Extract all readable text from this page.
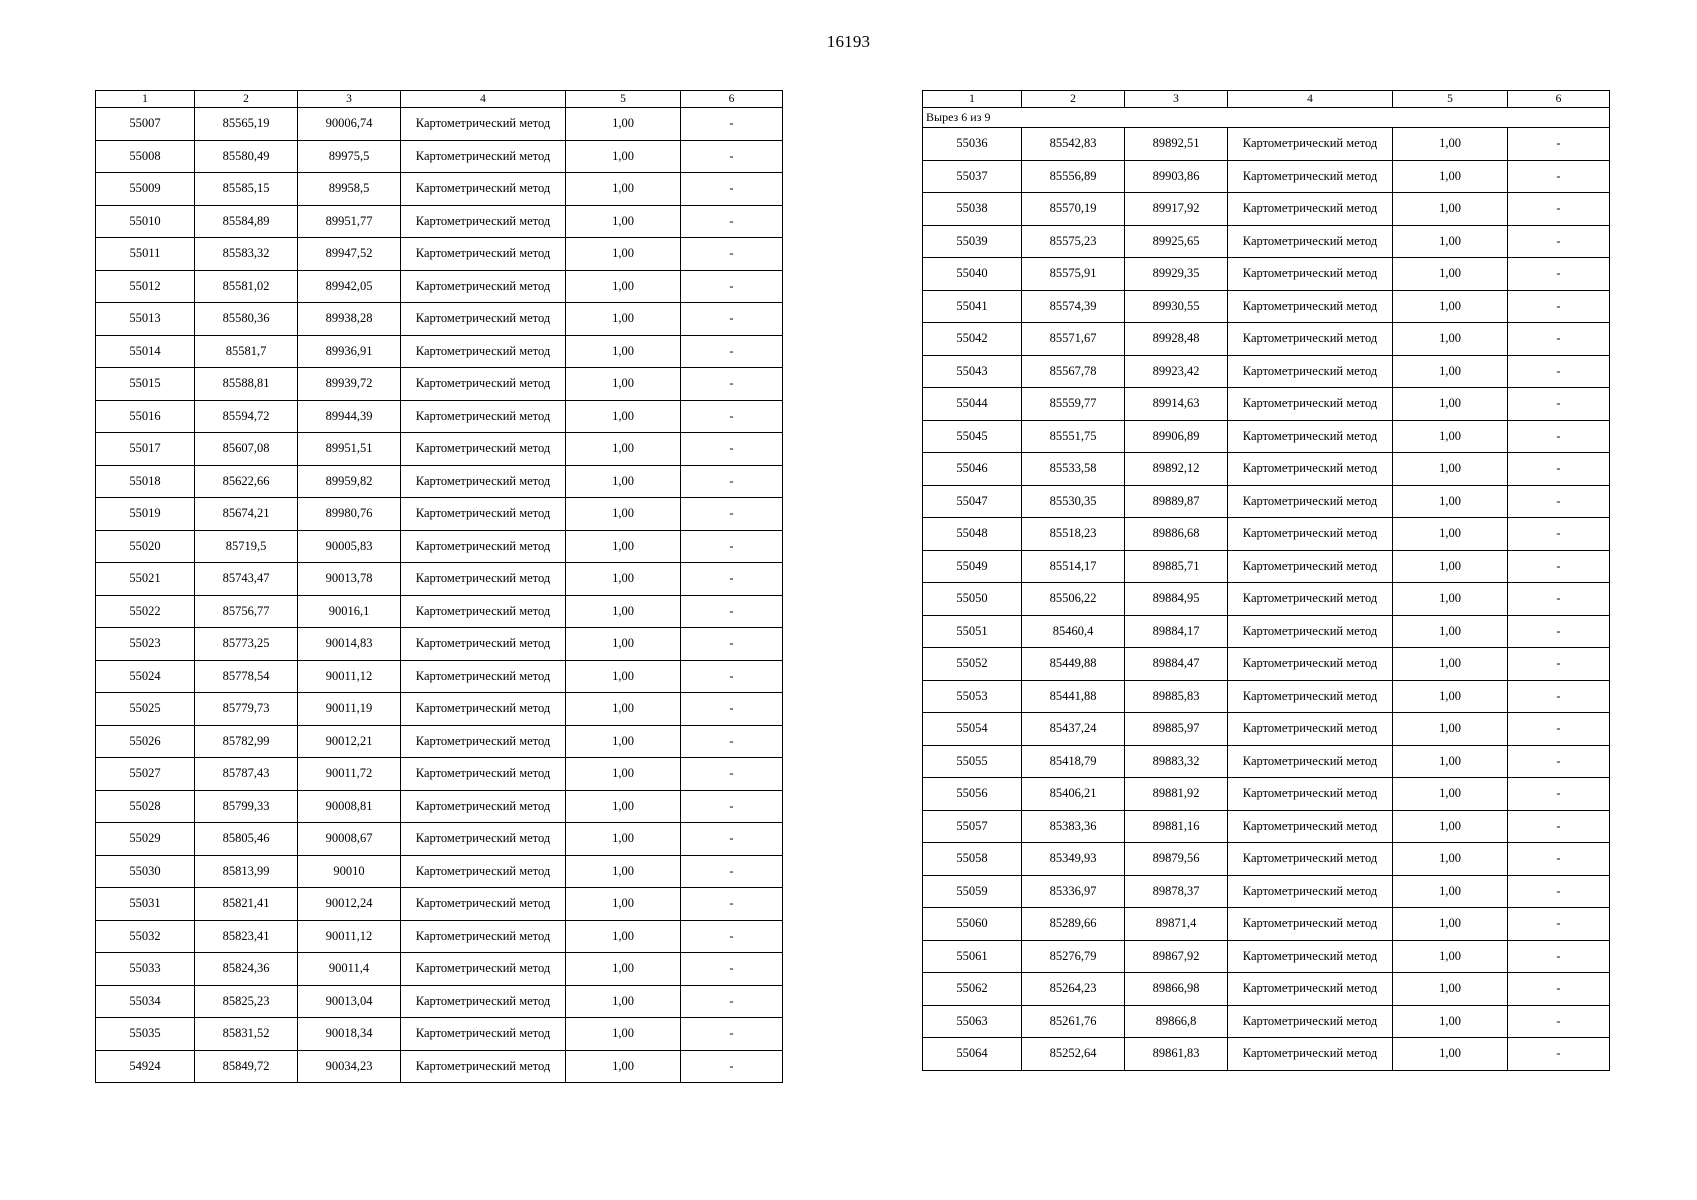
16193
1	2	3	4	5	6
55007	85565,19	90006,74	Картометрический метод	1,00	-
55008	85580,49	89975,5	Картометрический метод	1,00	-
55009	85585,15	89958,5	Картометрический метод	1,00	-
55010	85584,89	89951,77	Картометрический метод	1,00	-
55011	85583,32	89947,52	Картометрический метод	1,00	-
55012	85581,02	89942,05	Картометрический метод	1,00	-
55013	85580,36	89938,28	Картометрический метод	1,00	-
55014	85581,7	89936,91	Картометрический метод	1,00	-
55015	85588,81	89939,72	Картометрический метод	1,00	-
55016	85594,72	89944,39	Картометрический метод	1,00	-
55017	85607,08	89951,51	Картометрический метод	1,00	-
55018	85622,66	89959,82	Картометрический метод	1,00	-
55019	85674,21	89980,76	Картометрический метод	1,00	-
55020	85719,5	90005,83	Картометрический метод	1,00	-
55021	85743,47	90013,78	Картометрический метод	1,00	-
55022	85756,77	90016,1	Картометрический метод	1,00	-
55023	85773,25	90014,83	Картометрический метод	1,00	-
55024	85778,54	90011,12	Картометрический метод	1,00	-
55025	85779,73	90011,19	Картометрический метод	1,00	-
55026	85782,99	90012,21	Картометрический метод	1,00	-
55027	85787,43	90011,72	Картометрический метод	1,00	-
55028	85799,33	90008,81	Картометрический метод	1,00	-
55029	85805,46	90008,67	Картометрический метод	1,00	-
55030	85813,99	90010	Картометрический метод	1,00	-
55031	85821,41	90012,24	Картометрический метод	1,00	-
55032	85823,41	90011,12	Картометрический метод	1,00	-
55033	85824,36	90011,4	Картометрический метод	1,00	-
55034	85825,23	90013,04	Картометрический метод	1,00	-
55035	85831,52	90018,34	Картометрический метод	1,00	-
54924	85849,72	90034,23	Картометрический метод	1,00	-
1	2	3	4	5	6
Вырез 6 из 9					
55036	85542,83	89892,51	Картометрический метод	1,00	-
55037	85556,89	89903,86	Картометрический метод	1,00	-
55038	85570,19	89917,92	Картометрический метод	1,00	-
55039	85575,23	89925,65	Картометрический метод	1,00	-
55040	85575,91	89929,35	Картометрический метод	1,00	-
55041	85574,39	89930,55	Картометрический метод	1,00	-
55042	85571,67	89928,48	Картометрический метод	1,00	-
55043	85567,78	89923,42	Картометрический метод	1,00	-
55044	85559,77	89914,63	Картометрический метод	1,00	-
55045	85551,75	89906,89	Картометрический метод	1,00	-
55046	85533,58	89892,12	Картометрический метод	1,00	-
55047	85530,35	89889,87	Картометрический метод	1,00	-
55048	85518,23	89886,68	Картометрический метод	1,00	-
55049	85514,17	89885,71	Картометрический метод	1,00	-
55050	85506,22	89884,95	Картометрический метод	1,00	-
55051	85460,4	89884,17	Картометрический метод	1,00	-
55052	85449,88	89884,47	Картометрический метод	1,00	-
55053	85441,88	89885,83	Картометрический метод	1,00	-
55054	85437,24	89885,97	Картометрический метод	1,00	-
55055	85418,79	89883,32	Картометрический метод	1,00	-
55056	85406,21	89881,92	Картометрический метод	1,00	-
55057	85383,36	89881,16	Картометрический метод	1,00	-
55058	85349,93	89879,56	Картометрический метод	1,00	-
55059	85336,97	89878,37	Картометрический метод	1,00	-
55060	85289,66	89871,4	Картометрический метод	1,00	-
55061	85276,79	89867,92	Картометрический метод	1,00	-
55062	85264,23	89866,98	Картометрический метод	1,00	-
55063	85261,76	89866,8	Картометрический метод	1,00	-
55064	85252,64	89861,83	Картометрический метод	1,00	-
